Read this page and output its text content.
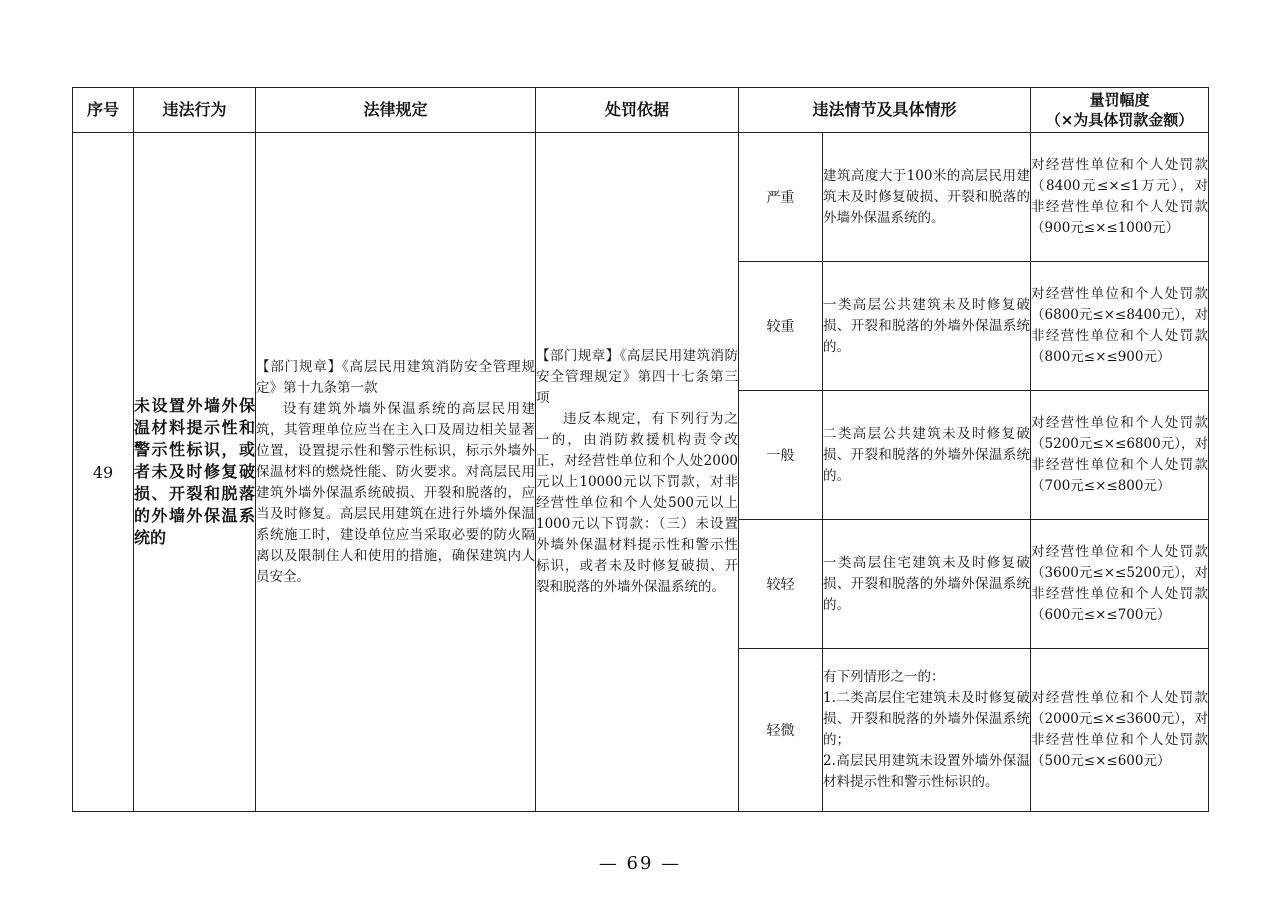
序号	违法行为	法律规定	处罚依据	违法情节及具体情形		量罚幅度
（×为具体罚款金额）

49	未设置外墙外保温材料提示性和警示性标识，或者未及时修复破损、开裂和脱落的外墙外保温系统的	【部门规章】《高层民用建筑消防安全管理规定》第十九条第一款
设有建筑外墙外保温系统的高层民用建筑，其管理单位应当在主入口及周边相关显著位置，设置提示性和警示性标识，标示外墙外保温材料的燃烧性能、防火要求。对高层民用建筑外墙外保温系统破损、开裂和脱落的，应当及时修复。高层民用建筑在进行外墙外保温系统施工时，建设单位应当采取必要的防火隔离以及限制住人和使用的措施，确保建筑内人员安全。	【部门规章】《高层民用建筑消防安全管理规定》第四十七条第三项
违反本规定，有下列行为之一的，由消防救援机构责令改正，对经营性单位和个人处2000元以上10000元以下罚款，对非经营性单位和个人处500元以上1000元以下罚款：（三）未设置外墙外保温材料提示性和警示性标识，或者未及时修复破损、开裂和脱落的外墙外保温系统的。	严重	建筑高度大于100米的高层民用建筑未及时修复破损、开裂和脱落的外墙外保温系统的。	对经营性单位和个人处罚款（8400元≤×≤1万元），对非经营性单位和个人处罚款（900元≤×≤1000元）
				较重	一类高层公共建筑未及时修复破损、开裂和脱落的外墙外保温系统的。	对经营性单位和个人处罚款（6800元≤×≤8400元），对非经营性单位和个人处罚款（800元≤×≤900元）
				一般	二类高层公共建筑未及时修复破损、开裂和脱落的外墙外保温系统的。	对经营性单位和个人处罚款（5200元≤×≤6800元），对非经营性单位和个人处罚款（700元≤×≤800元）
				较轻	一类高层住宅建筑未及时修复破损、开裂和脱落的外墙外保温系统的。	对经营性单位和个人处罚款（3600元≤×≤5200元），对非经营性单位和个人处罚款（600元≤×≤700元）
				轻微	有下列情形之一的：
1.二类高层住宅建筑未及时修复破损、开裂和脱落的外墙外保温系统的；
2.高层民用建筑未设置外墙外保温材料提示性和警示性标识的。	对经营性单位和个人处罚款（2000元≤×≤3600元），对非经营性单位和个人处罚款（500元≤×≤600元）
— 69 —
